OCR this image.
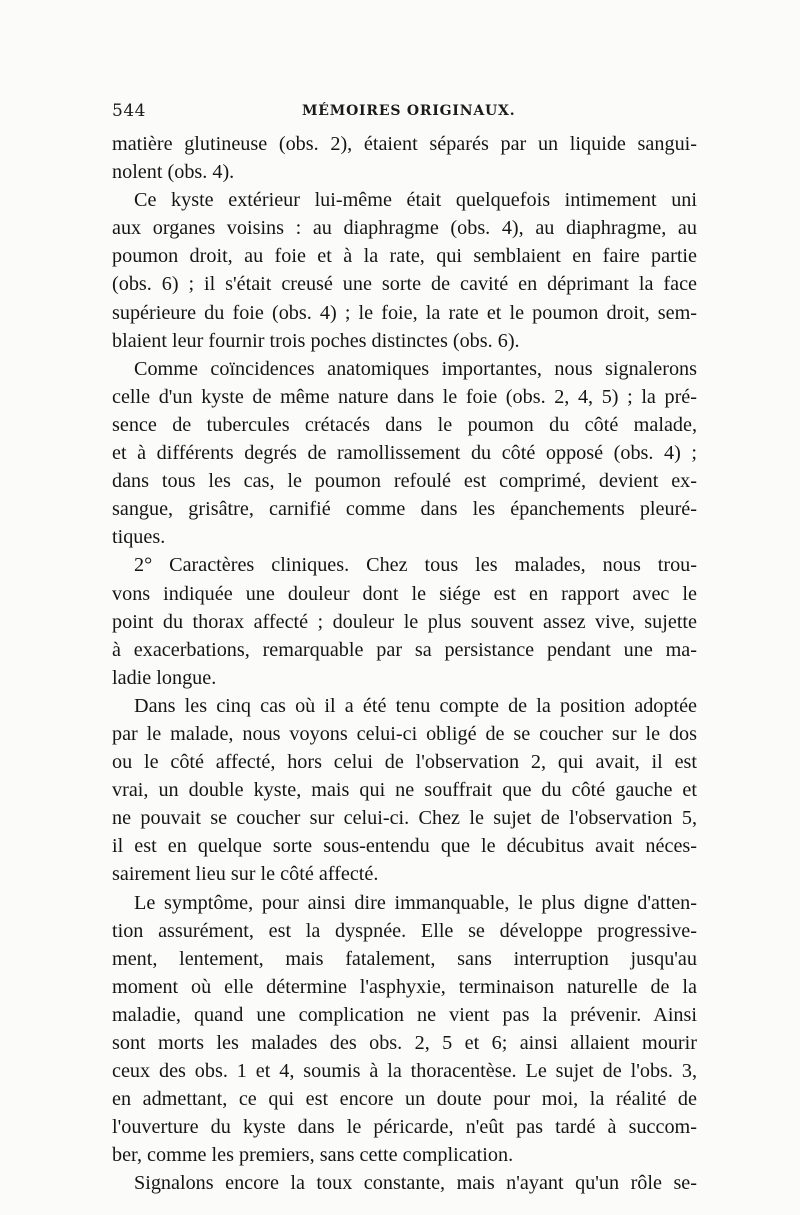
544	MÉMOIRES ORIGINAUX.
matière glutineuse (obs. 2), étaient séparés par un liquide sangui-
nolent (obs. 4).
Ce kyste extérieur lui-même était quelquefois intimement uni
aux organes voisins : au diaphragme (obs. 4), au diaphragme, au
poumon droit, au foie et à la rate, qui semblaient en faire partie
(obs. 6) ; il s'était creusé une sorte de cavité en déprimant la face
supérieure du foie (obs. 4) ; le foie, la rate et le poumon droit, sem-
blaient leur fournir trois poches distinctes (obs. 6).
Comme coïncidences anatomiques importantes, nous signalerons
celle d'un kyste de même nature dans le foie (obs. 2, 4, 5) ; la pré-
sence de tubercules crétacés dans le poumon du côté malade,
et à différents degrés de ramollissement du côté opposé (obs. 4) ;
dans tous les cas, le poumon refoulé est comprimé, devient ex-
sangue, grisâtre, carnifié comme dans les épanchements pleuré-
tiques.
2° Caractères cliniques. Chez tous les malades, nous trou-
vons indiquée une douleur dont le siége est en rapport avec le
point du thorax affecté ; douleur le plus souvent assez vive, sujette
à exacerbations, remarquable par sa persistance pendant une ma-
ladie longue.
Dans les cinq cas où il a été tenu compte de la position adoptée
par le malade, nous voyons celui-ci obligé de se coucher sur le dos
ou le côté affecté, hors celui de l'observation 2, qui avait, il est
vrai, un double kyste, mais qui ne souffrait que du côté gauche et
ne pouvait se coucher sur celui-ci. Chez le sujet de l'observation 5,
il est en quelque sorte sous-entendu que le décubitus avait néces-
sairement lieu sur le côté affecté.
Le symptôme, pour ainsi dire immanquable, le plus digne d'atten-
tion assurément, est la dyspnée. Elle se développe progressive-
ment, lentement, mais fatalement, sans interruption jusqu'au
moment où elle détermine l'asphyxie, terminaison naturelle de la
maladie, quand une complication ne vient pas la prévenir. Ainsi
sont morts les malades des obs. 2, 5 et 6; ainsi allaient mourir
ceux des obs. 1 et 4, soumis à la thoracentèse. Le sujet de l'obs. 3,
en admettant, ce qui est encore un doute pour moi, la réalité de
l'ouverture du kyste dans le péricarde, n'eût pas tardé à succom-
ber, comme les premiers, sans cette complication.
Signalons encore la toux constante, mais n'ayant qu'un rôle se-
